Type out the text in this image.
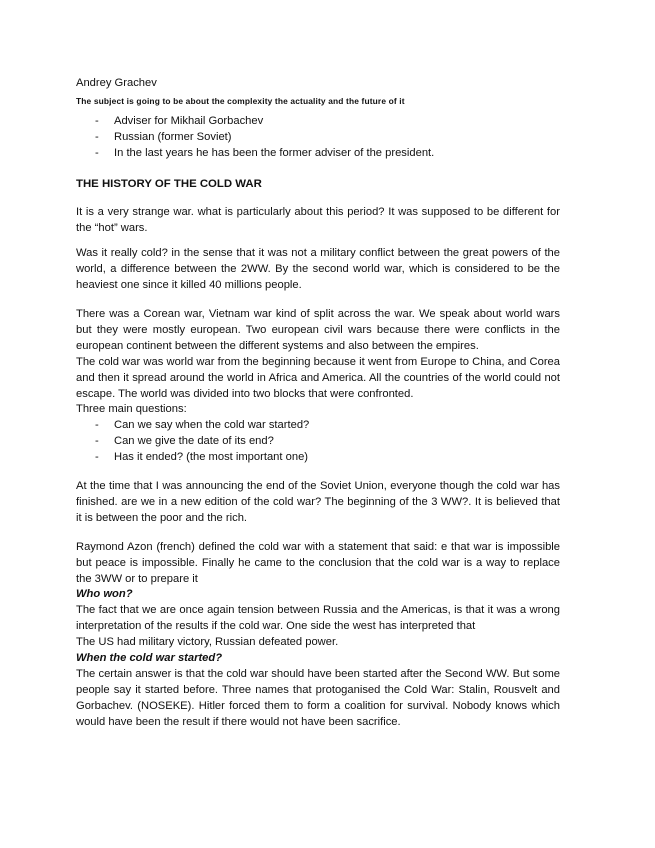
Andrey Grachev

The subject is going to be about the complexity the actuality and the future of it

- Adviser for Mikhail Gorbachev
- Russian (former Soviet)
- In the last years he has been the former adviser of the president.
THE HISTORY OF THE COLD WAR

It is a very strange war. what is particularly about this period? It was supposed to be different for the “hot” wars.

Was it really cold? in the sense that it was not a military conflict between the great powers of the world, a difference between the 2WW. By the second world war, which is considered to be the heaviest one since it killed 40 millions people.

There was a Corean war, Vietnam war kind of split across the war. We speak about world wars but they were mostly european. Two european civil wars because there were conflicts in the european continent between the different systems and also between the empires.

The cold war was world war from the beginning because it went from Europe to China, and Corea and then it spread around the world in Africa and America. All the countries of the world could not escape. The world was divided into two blocks that were confronted.

Three main questions:

- Can we say when the cold war started?
- Can we give the date of its end?
- Has it ended? (the most important one)

At the time that I was announcing the end of the Soviet Union, everyone though the cold war has finished. are we in a new edition of the cold war? The beginning of the 3 WW?. It is believed that it is between the poor and the rich.

Raymond Azon (french) defined the cold war with a statement that said: e that war is impossible but peace is impossible. Finally he came to the conclusion that the cold war is a way to replace the 3WW or to prepare it

Who won?

The fact that we are once again tension between Russia and the Americas, is that it was a wrong interpretation of the results if the cold war. One side the west has interpreted that

The US had military victory, Russian defeated power.

When the cold war started?

The certain answer is that the cold war should have been started after the Second WW. But some people say it started before. Three names that protoganised the Cold War: Stalin, Rousvelt and Gorbachev. (NOSEKE). Hitler forced them to form a coalition for survival. Nobody knows which would have been the result if there would not have been sacrifice.
